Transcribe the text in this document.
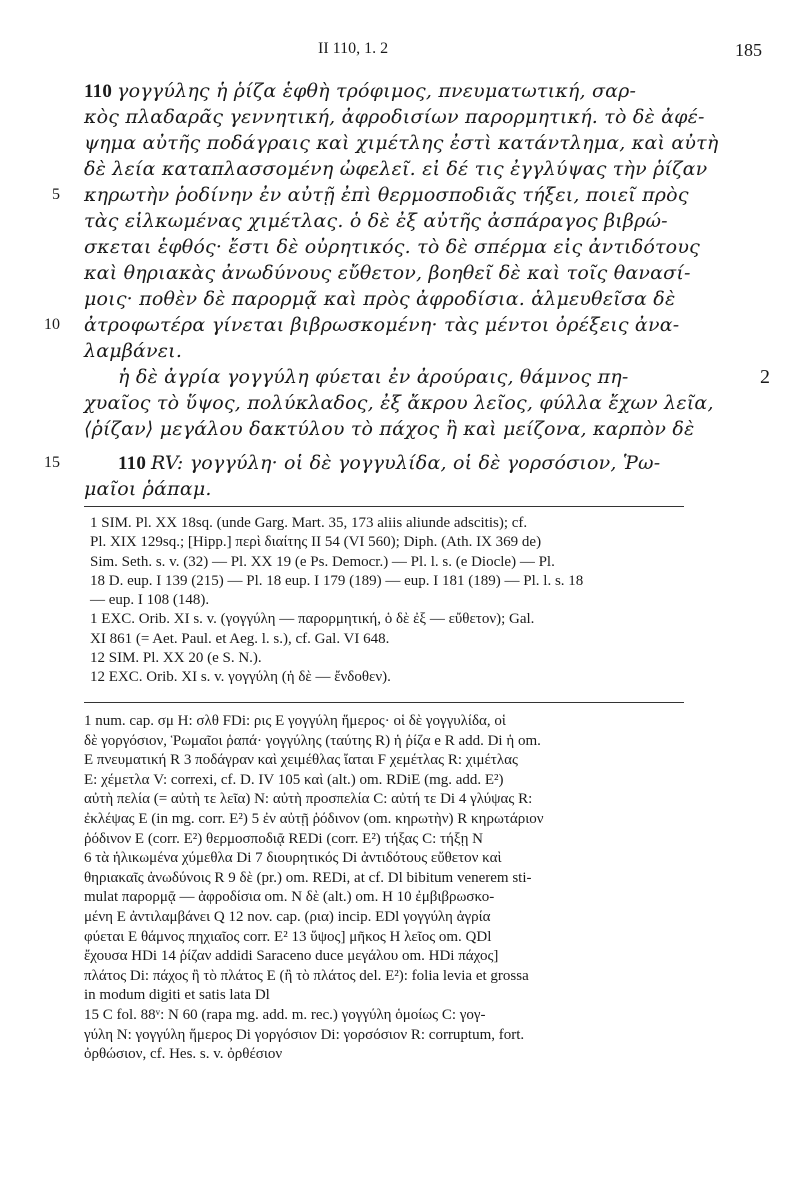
II 110, 1. 2	185
110 γογγύλης ἡ ῥίζα ἑφθὴ τρόφιμος, πνευματωτική, σαρ-
κὸς πλαδαρᾶς γεννητική, ἀφροδισίων παρορμητική. τὸ δὲ ἀφέ-
ψημα αὐτῆς ποδάγραις καὶ χιμέτλης ἐστὶ κατάντλημα, καὶ αὐτὴ
δὲ λεία καταπλασσομένη ὠφελεῖ. εἰ δέ τις ἐγγλύψας τὴν ῥίζαν
5 κηρωτὴν ῥοδίνην ἐν αὐτῇ ἐπὶ θερμοσποδιᾶς τήξει, ποιεῖ πρὸς
τὰς εἱλκωμένας χιμέτλας. ὁ δὲ ἐξ αὐτῆς ἀσπάραγος βιβρώ-
σκεται ἑφθός· ἔστι δὲ οὐρητικός. τὸ δὲ σπέρμα εἰς ἀντιδότους
καὶ θηριακὰς ἀνωδύνους εὔθετον, βοηθεῖ δὲ καὶ τοῖς θανασί-
μοις· ποθὲν δὲ παρορμᾷ καὶ πρὸς ἀφροδίσια. ἁλμευθεῖσα δὲ
10 ἀτροφωτέρα γίνεται βιβρωσκομένη· τὰς μέντοι ὀρέξεις ἀνα-
λαμβάνει.
ἡ δὲ ἀγρία γογγύλη φύεται ἐν ἀρούραις, θάμνος πη-	2
χυαῖος τὸ ὕψος, πολύκλαδος, ἐξ ἄκρου λεῖος, φύλλα ἔχων λεῖα,
⟨ῥίζαν⟩ μεγάλου δακτύλου τὸ πάχος ἢ καὶ μείζονα, καρπὸν δὲ
15	110 RV: γογγύλη· οἱ δὲ γογγυλίδα, οἱ δὲ γορσόσιον, Ῥω-
μαῖοι ῥάπαμ.
1 SIM. Pl. XX 18sq. (unde Garg. Mart. 35, 173 aliis aliunde adscitis); cf.
Pl. XIX 129sq.; [Hipp.] περὶ διαίτης II 54 (VI 560); Diph. (Ath. IX 369 de)
Sim. Seth. s. v. (32) — Pl. XX 19 (e Ps. Democr.) — Pl. l. s. (e Diocle) — Pl.
18 D. eup. I 139 (215) — Pl. 18 eup. I 179 (189) — eup. I 181 (189) — Pl. l. s. 18
— eup. I 108 (148).
1 EXC. Orib. XI s. v. (γογγύλη — παρορμητική, ὁ δὲ ἐξ — εὔθετον); Gal.
XI 861 (= Aet. Paul. et Aeg. l. s.), cf. Gal. VI 648.
12 SIM. Pl. XX 20 (e S. N.).
12 EXC. Orib. XI s. v. γογγύλη (ἡ δὲ — ἔνδοθεν).
1 num. cap. σμ H: σλθ FDi: ρις E γογγύλη ἥμερος· οἱ δὲ γογγυλίδα, οἱ
δὲ γοργόσιον, Ῥωμαῖοι ῥαπά· γογγύλης (ταύτης R) ἡ ῥίζα e R add. Di ἡ om.
E πνευματική R 3 ποδάγραν καὶ χειμέθλας ἴαται F χεμέτλας R: χιμέτλας
E: χέμετλα V: correxi, cf. D. IV 105 καὶ (alt.) om. RDiE (mg. add. E²)
αὐτὴ πελία (= αὐτὴ τε λεῖα) N: αὐτὴ προσπελία C: αὐτή τε Di 4 γλύψας R:
ἐκλέψας E (in mg. corr. E²) 5 ἐν αὐτῇ ῥόδινον (om. κηρωτὴν) R κηρωτάριον
ῥόδινον E (corr. E²) θερμοσποδιᾷ REDi (corr. E²) τήξας C: τήξῃ N
6 τὰ ἡλικωμένα χύμεθλα Di 7 διουρητικός Di ἀντιδότους εὔθετον καὶ
θηριακαῖς ἀνωδύνοις R 9 δὲ (pr.) om. REDi, at cf. Dl bibitum venerem sti-
mulat παρορμᾷ — ἀφροδίσια om. N δὲ (alt.) om. H 10 ἐμβιβρωσκο-
μένη E ἀντιλαμβάνει Q 12 nov. cap. (ρια) incip. EDl γογγύλη ἀγρία
φύεται E θάμνος πηχιαῖος corr. E² 13 ὕψος] μῆκος H λεῖος om. QDl
ἔχουσα HDi 14 ῥίζαν addidi Saraceno duce μεγάλου om. HDi πάχος]
πλάτος Di: πάχος ἢ τὸ πλάτος E (ἢ τὸ πλάτος del. E²): folia levia et grossa
in modum digiti et satis lata Dl
15 C fol. 88ᵛ: N 60 (rapa mg. add. m. rec.) γογγύλη ὁμοίως C: γογ-
γύλη N: γογγύλη ἥμερος Di γοργόσιον Di: γορσόσιον R: corruptum, fort.
ὀρθώσιον, cf. Hes. s. v. ὀρθέσιον
